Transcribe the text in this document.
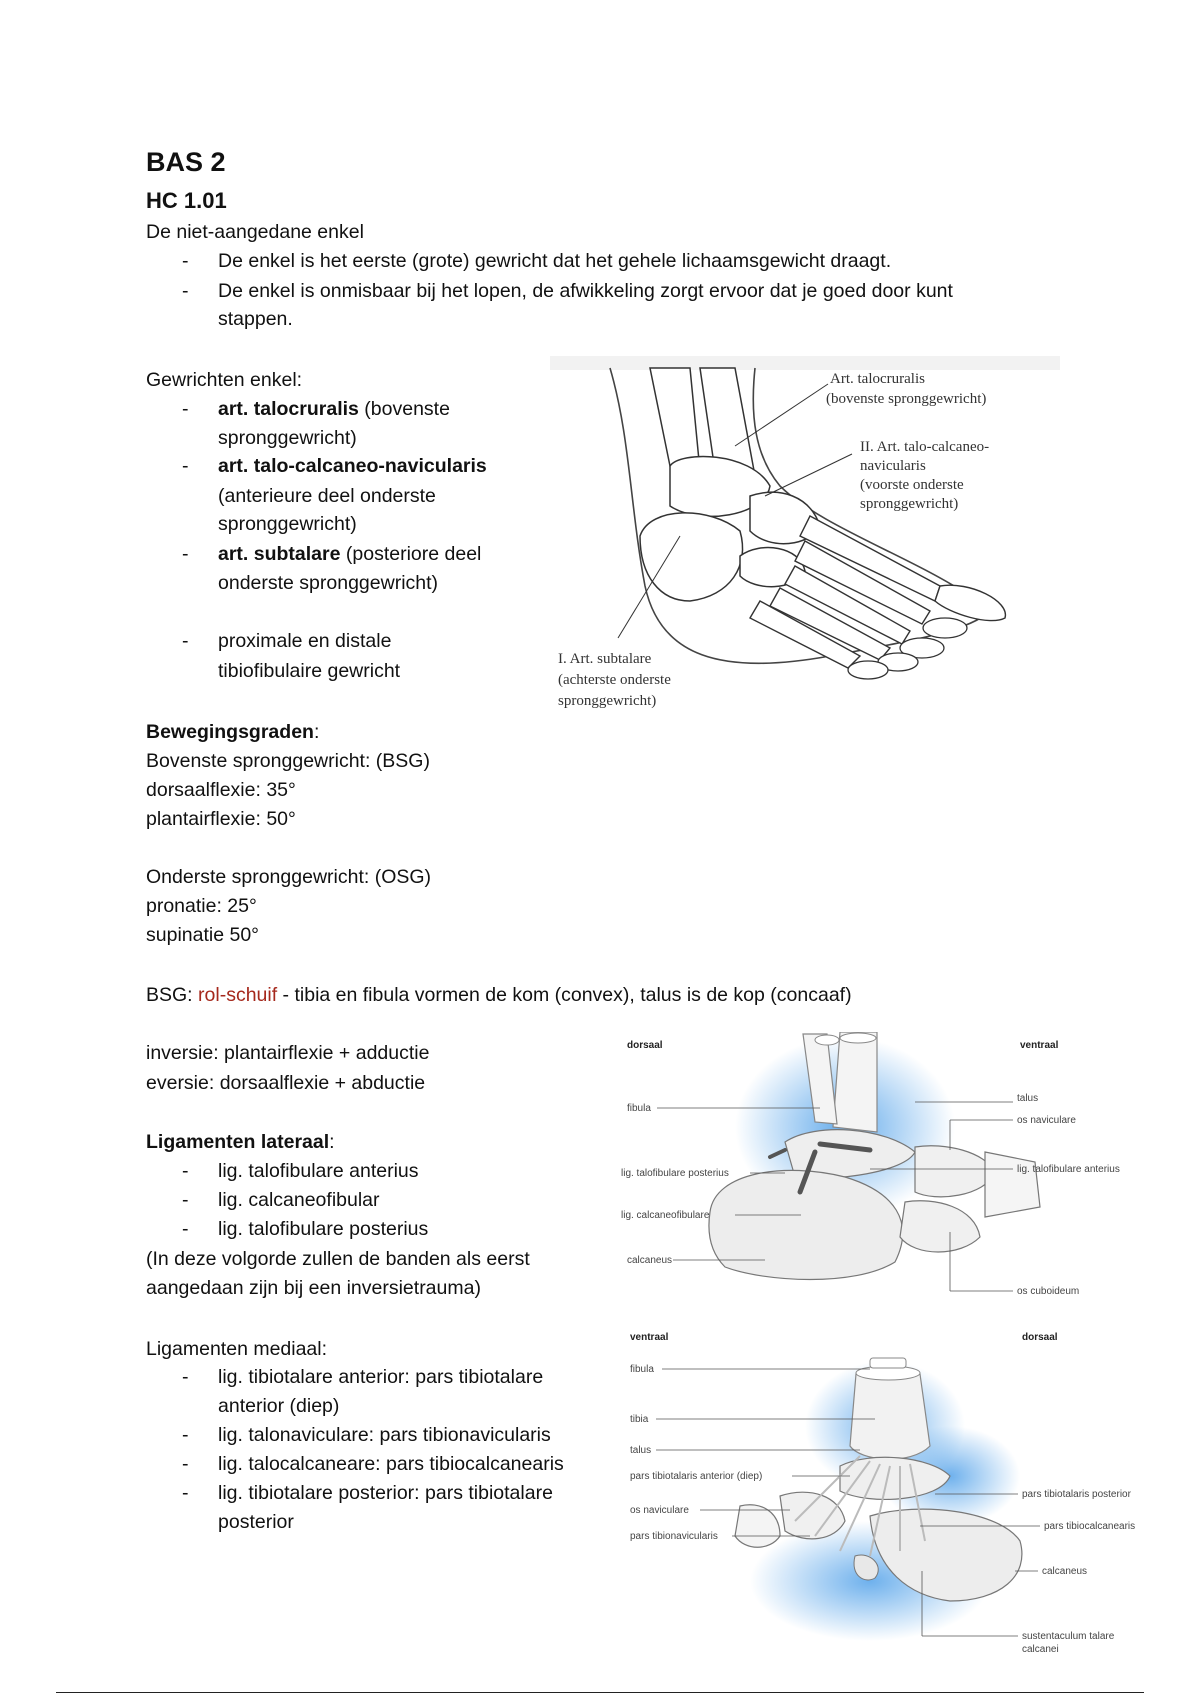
BAS 2
HC 1.01
De niet-aangedane enkel
- De enkel is het eerste (grote) gewricht dat het gehele lichaamsgewicht draagt.
- De enkel is onmisbaar bij het lopen, de afwikkeling zorgt ervoor dat je goed door kunt
stappen.
Gewrichten enkel:
- art. talocruralis (bovenste
spronggewricht)
- art. talo-calcaneo-navicularis
(anterieure deel onderste
spronggewricht)
- art. subtalare (posteriore deel
onderste spronggewricht)
- proximale en distale
tibiofibulaire gewricht
Art. talocruralis
(bovenste spronggewricht)
II. Art. talo-calcaneo-
navicularis
(voorste onderste
spronggewricht)
I. Art. subtalare
(achterste onderste
spronggewricht)
Bewegingsgraden:
Bovenste spronggewricht: (BSG)
dorsaalflexie: 35°
plantairflexie: 50°
Onderste spronggewricht: (OSG)
pronatie: 25°
supinatie 50°
BSG: rol-schuif - tibia en fibula vormen de kom (convex), talus is de kop (concaaf)
inversie: plantairflexie + adductie
eversie: dorsaalflexie + abductie
Ligamenten lateraal:
- lig. talofibulare anterius
- lig. calcaneofibular
- lig. talofibulare posterius
(In deze volgorde zullen de banden als eerst
aangedaan zijn bij een inversietrauma)
Ligamenten mediaal:
- lig. tibiotalare anterior: pars tibiotalare
anterior (diep)
- lig. talonaviculare: pars tibionavicularis
- lig. talocalcaneare: pars tibiocalcanearis
- lig. tibiotalare posterior: pars tibiotalare
posterior
dorsaal	ventraal
fibula
lig. talofibulare posterius
lig. calcaneofibulare
calcaneus
talus
os naviculare
lig. talofibulare anterius
os cuboideum
ventraal	dorsaal
fibula
tibia
talus
pars tibiotalaris anterior (diep)
os naviculare
pars tibionavicularis
pars tibiotalaris posterior
pars tibiocalcanearis
calcaneus
sustentaculum talare
calcanei
